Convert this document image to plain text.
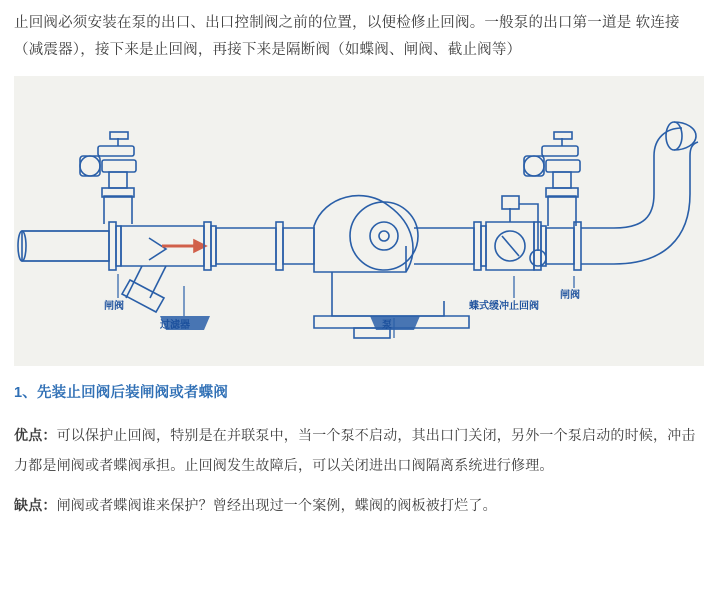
止回阀必须安装在泵的出口、出口控制阀之前的位置，以便检修止回阀。一般泵的出口第一道是 软连接（减震器），接下来是止回阀，再接下来是隔断阀（如蝶阀、闸阀、截止阀等）

闸阀
过滤器	泵
蝶式缓冲止回阀
闸阀
1、先装止回阀后装闸阀或者蝶阀

优点：可以保护止回阀，特别是在并联泵中，当一个泵不启动，其出口门关闭，另外一个泵启动的时候，冲击力都是闸阀或者蝶阀承担。止回阀发生故障后，可以关闭进出口阀隔离系统进行修理。

缺点：闸阀或者蝶阀谁来保护？曾经出现过一个案例，蝶阀的阀板被打烂了。
